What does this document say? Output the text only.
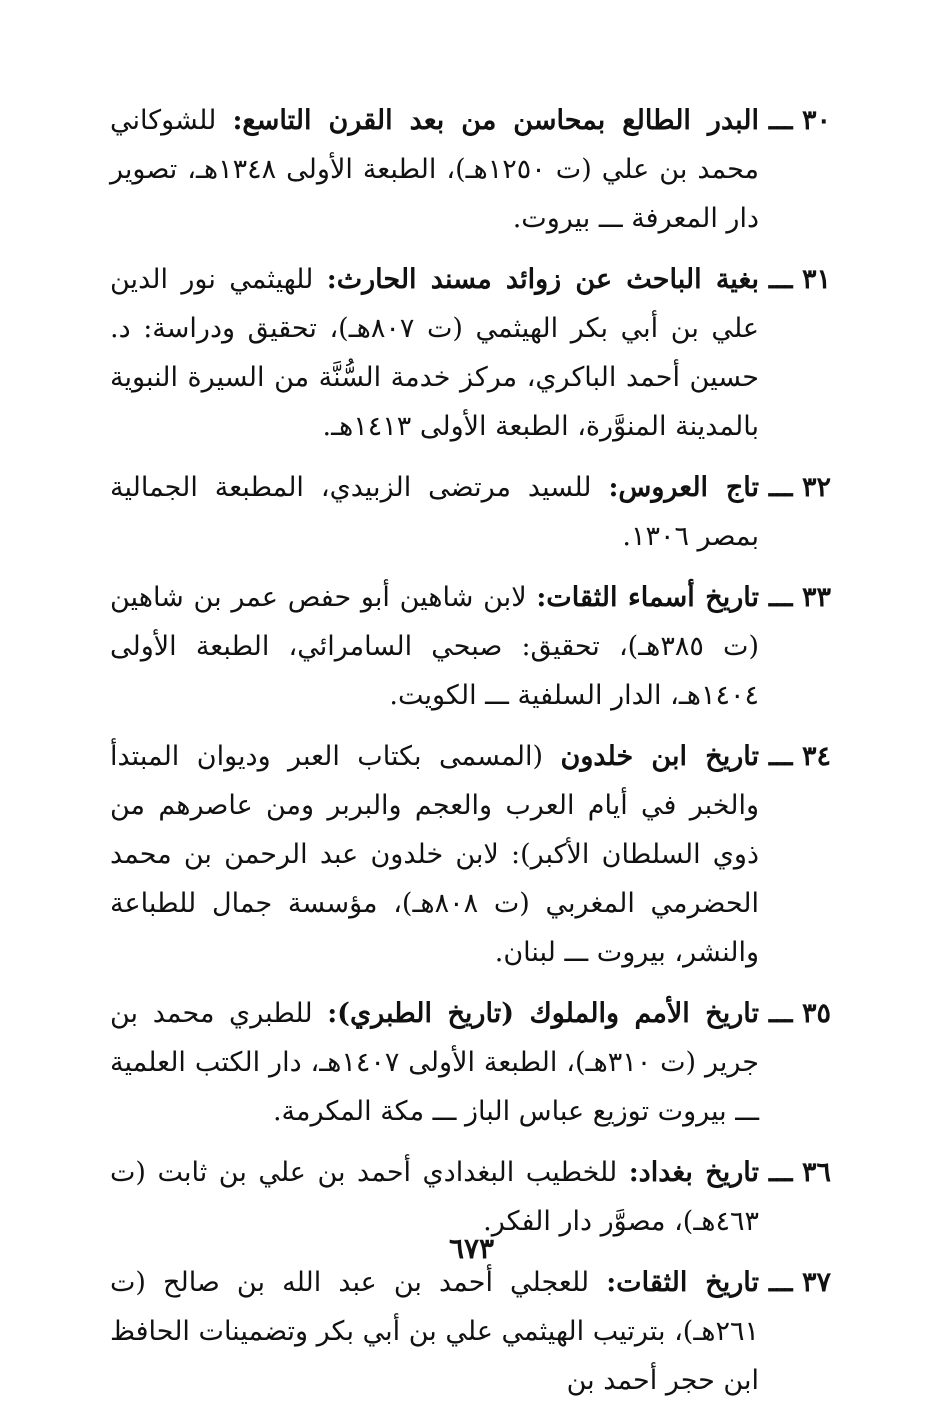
٣٠ ـــ
البدر الطالع بمحاسن من بعد القرن التاسع: للشوكاني محمد بن علي (ت ١٢٥٠هـ)، الطبعة الأولى ١٣٤٨هـ، تصوير دار المعرفة ـــ بيروت.
٣١ ـــ
بغية الباحث عن زوائد مسند الحارث: للهيثمي نور الدين علي بن أبي بكر الهيثمي (ت ٨٠٧هـ)، تحقيق ودراسة: د. حسين أحمد الباكري، مركز خدمة السُّنَّة من السيرة النبوية بالمدينة المنوَّرة، الطبعة الأولى ١٤١٣هـ.
٣٢ ـــ
تاج العروس: للسيد مرتضى الزبيدي، المطبعة الجمالية بمصر ١٣٠٦.
٣٣ ـــ
تاريخ أسماء الثقات: لابن شاهين أبو حفص عمر بن شاهين (ت ٣٨٥هـ)، تحقيق: صبحي السامرائي، الطبعة الأولى ١٤٠٤هـ، الدار السلفية ـــ الكويت.
٣٤ ـــ
تاريخ ابن خلدون (المسمى بكتاب العبر وديوان المبتدأ والخبر في أيام العرب والعجم والبربر ومن عاصرهم من ذوي السلطان الأكبر): لابن خلدون عبد الرحمن بن محمد الحضرمي المغربي (ت ٨٠٨هـ)، مؤسسة جمال للطباعة والنشر، بيروت ـــ لبنان.
٣٥ ـــ
تاريخ الأمم والملوك (تاريخ الطبري): للطبري محمد بن جرير (ت ٣١٠هـ)، الطبعة الأولى ١٤٠٧هـ، دار الكتب العلمية ـــ بيروت توزيع عباس الباز ـــ مكة المكرمة.
٣٦ ـــ
تاريخ بغداد: للخطيب البغدادي أحمد بن علي بن ثابت (ت ٤٦٣هـ)، مصوَّر دار الفكر.
٣٧ ـــ
تاريخ الثقات: للعجلي أحمد بن عبد الله بن صالح (ت ٢٦١هـ)، بترتيب الهيثمي علي بن أبي بكر وتضمينات الحافظ ابن حجر أحمد بن
٦٧٣
